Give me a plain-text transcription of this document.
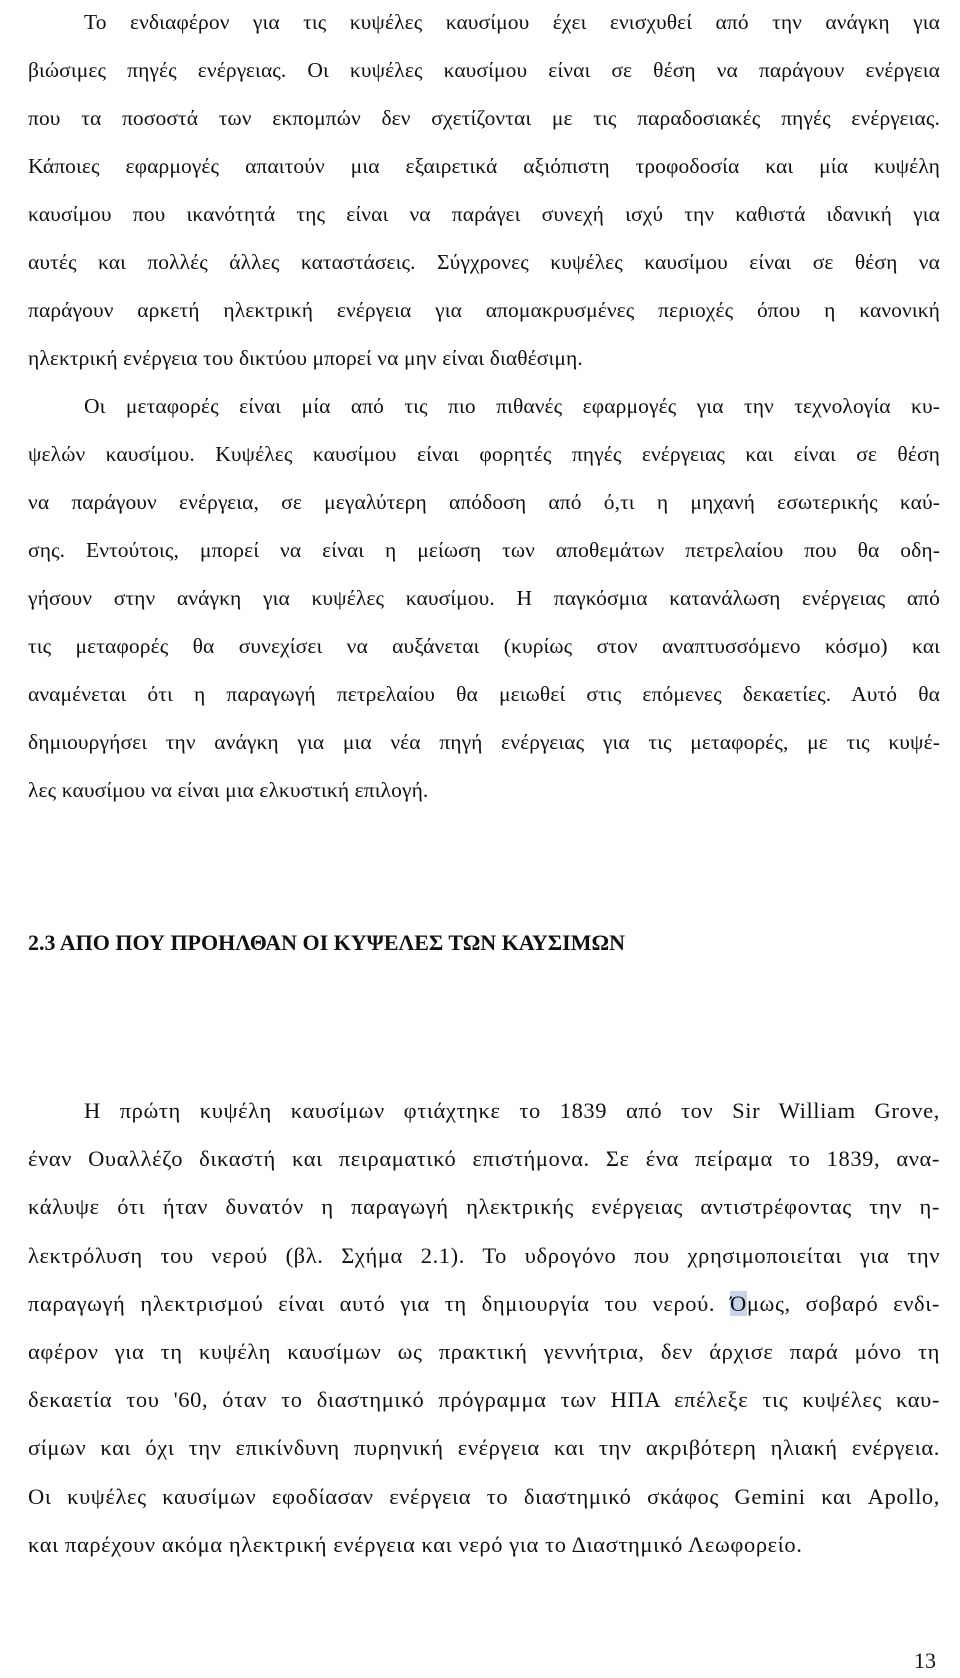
Το ενδιαφέρον για τις κυψέλες καυσίμου έχει ενισχυθεί από την ανάγκη για
βιώσιμες πηγές ενέργειας. Οι κυψέλες καυσίμου είναι σε θέση να παράγουν ενέργεια
που τα ποσοστά των εκπομπών δεν σχετίζονται με τις παραδοσιακές πηγές ενέργειας.
Κάποιες εφαρμογές απαιτούν μια εξαιρετικά αξιόπιστη τροφοδοσία και μία κυψέλη
καυσίμου που ικανότητά της είναι να παράγει συνεχή ισχύ την καθιστά ιδανική για
αυτές και πολλές άλλες καταστάσεις. Σύγχρονες κυψέλες καυσίμου είναι σε θέση να
παράγουν αρκετή ηλεκτρική ενέργεια για απομακρυσμένες περιοχές όπου η κανονική
ηλεκτρική ενέργεια του δικτύου μπορεί να μην είναι διαθέσιμη.
Οι μεταφορές είναι μία από τις πιο πιθανές εφαρμογές για την τεχνολογία κυ-
ψελών καυσίμου. Κυψέλες καυσίμου είναι φορητές πηγές ενέργειας και είναι σε θέση
να παράγουν ενέργεια, σε μεγαλύτερη απόδοση από ό,τι η μηχανή εσωτερικής καύ-
σης. Εντούτοις, μπορεί να είναι η μείωση των αποθεμάτων πετρελαίου που θα οδη-
γήσουν στην ανάγκη για κυψέλες καυσίμου. Η παγκόσμια κατανάλωση ενέργειας από
τις μεταφορές θα συνεχίσει να αυξάνεται (κυρίως στον αναπτυσσόμενο κόσμο) και
αναμένεται ότι η παραγωγή πετρελαίου θα μειωθεί στις επόμενες δεκαετίες. Αυτό θα
δημιουργήσει την ανάγκη για μια νέα πηγή ενέργειας για τις μεταφορές, με τις κυψέ-
λες καυσίμου να είναι μια ελκυστική επιλογή.
2.3 ΑΠΟ ΠΟΥ ΠΡΟΗΛΘΑΝ ΟΙ ΚΥΨΕΛΕΣ ΤΩΝ ΚΑΥΣΙΜΩΝ
Η πρώτη κυψέλη καυσίμων φτιάχτηκε το 1839 από τον Sir William Grove,
έναν Ουαλλέζο δικαστή και πειραματικό επιστήμονα. Σε ένα πείραμα το 1839, ανα-
κάλυψε ότι ήταν δυνατόν η παραγωγή ηλεκτρικής ενέργειας αντιστρέφοντας την η-
λεκτρόλυση του νερού (βλ. Σχήμα 2.1). Το υδρογόνο που χρησιμοποιείται για την
παραγωγή ηλεκτρισμού είναι αυτό για τη δημιουργία του νερού. Όμως, σοβαρό ενδι-
αφέρον για τη κυψέλη καυσίμων ως πρακτική γεννήτρια, δεν άρχισε παρά μόνο τη
δεκαετία του '60, όταν το διαστημικό πρόγραμμα των ΗΠΑ επέλεξε τις κυψέλες καυ-
σίμων και όχι την επικίνδυνη πυρηνική ενέργεια και την ακριβότερη ηλιακή ενέργεια.
Οι κυψέλες καυσίμων εφοδίασαν ενέργεια το διαστημικό σκάφος Gemini και Apollo,
και παρέχουν ακόμα ηλεκτρική ενέργεια και νερό για το Διαστημικό Λεωφορείο.
13
